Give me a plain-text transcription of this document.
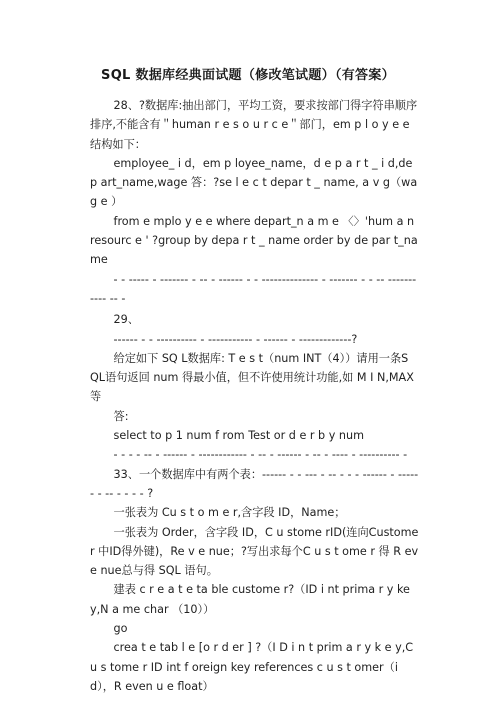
SQL 数据库经典面试题（修改笔试题）（有答案）

28、?数据库:抽出部门，平均工资，要求按部门得字符串顺序排序,不能含有＂human r e s o u r c e＂部门，em p l o y e e结构如下：

employee_ i d，em p loyee_name，d e p a r t _ i d,de p art_name,wage 答：?se l e c t depar t _ name, a v g（wa g e ）

from e mplo y e e where depart_n a m e 〈〉'hum a n resourc e ' ?group by depa r t _ name order by de par t_name

- - ----- - ------- - -- - ------ - - -------------- - ------- - - -- ----------- -- -

29、

------ - - ---------- - ----------- - ------ - -------------?

给定如下 SQ L数据库: T e s t（num INT（4））请用一条S QL语句返回 num 得最小值，但不许使用统计功能,如 M I N,MAX 等

答:

select to p 1 num f rom Test or d e r b y num

- - - - -- - ------ - ------------ - -- - ------ - -- - ---- - ---------- -

33、一个数据库中有两个表：------ - - --- - -- - - - ------ - ----- - - -- - - - - ?

一张表为 Cu s t o m e r,含字段 ID，Name；

一张表为 Order，含字段 ID，C u stome rID(连向Customer 中ID得外键)，Re v e nue；?写出求每个C u s t ome r 得 R eve nue总与得 SQL 语句。

建表 c r e a t e ta ble custome r?（ID i nt prima r y key,N a me char （10））

go

crea t e tab l e [o r d er ] ?（I D i n t prim a r y k e y,Cu s tome r ID int f oreign key references c u s t omer（id），R even u e float）
